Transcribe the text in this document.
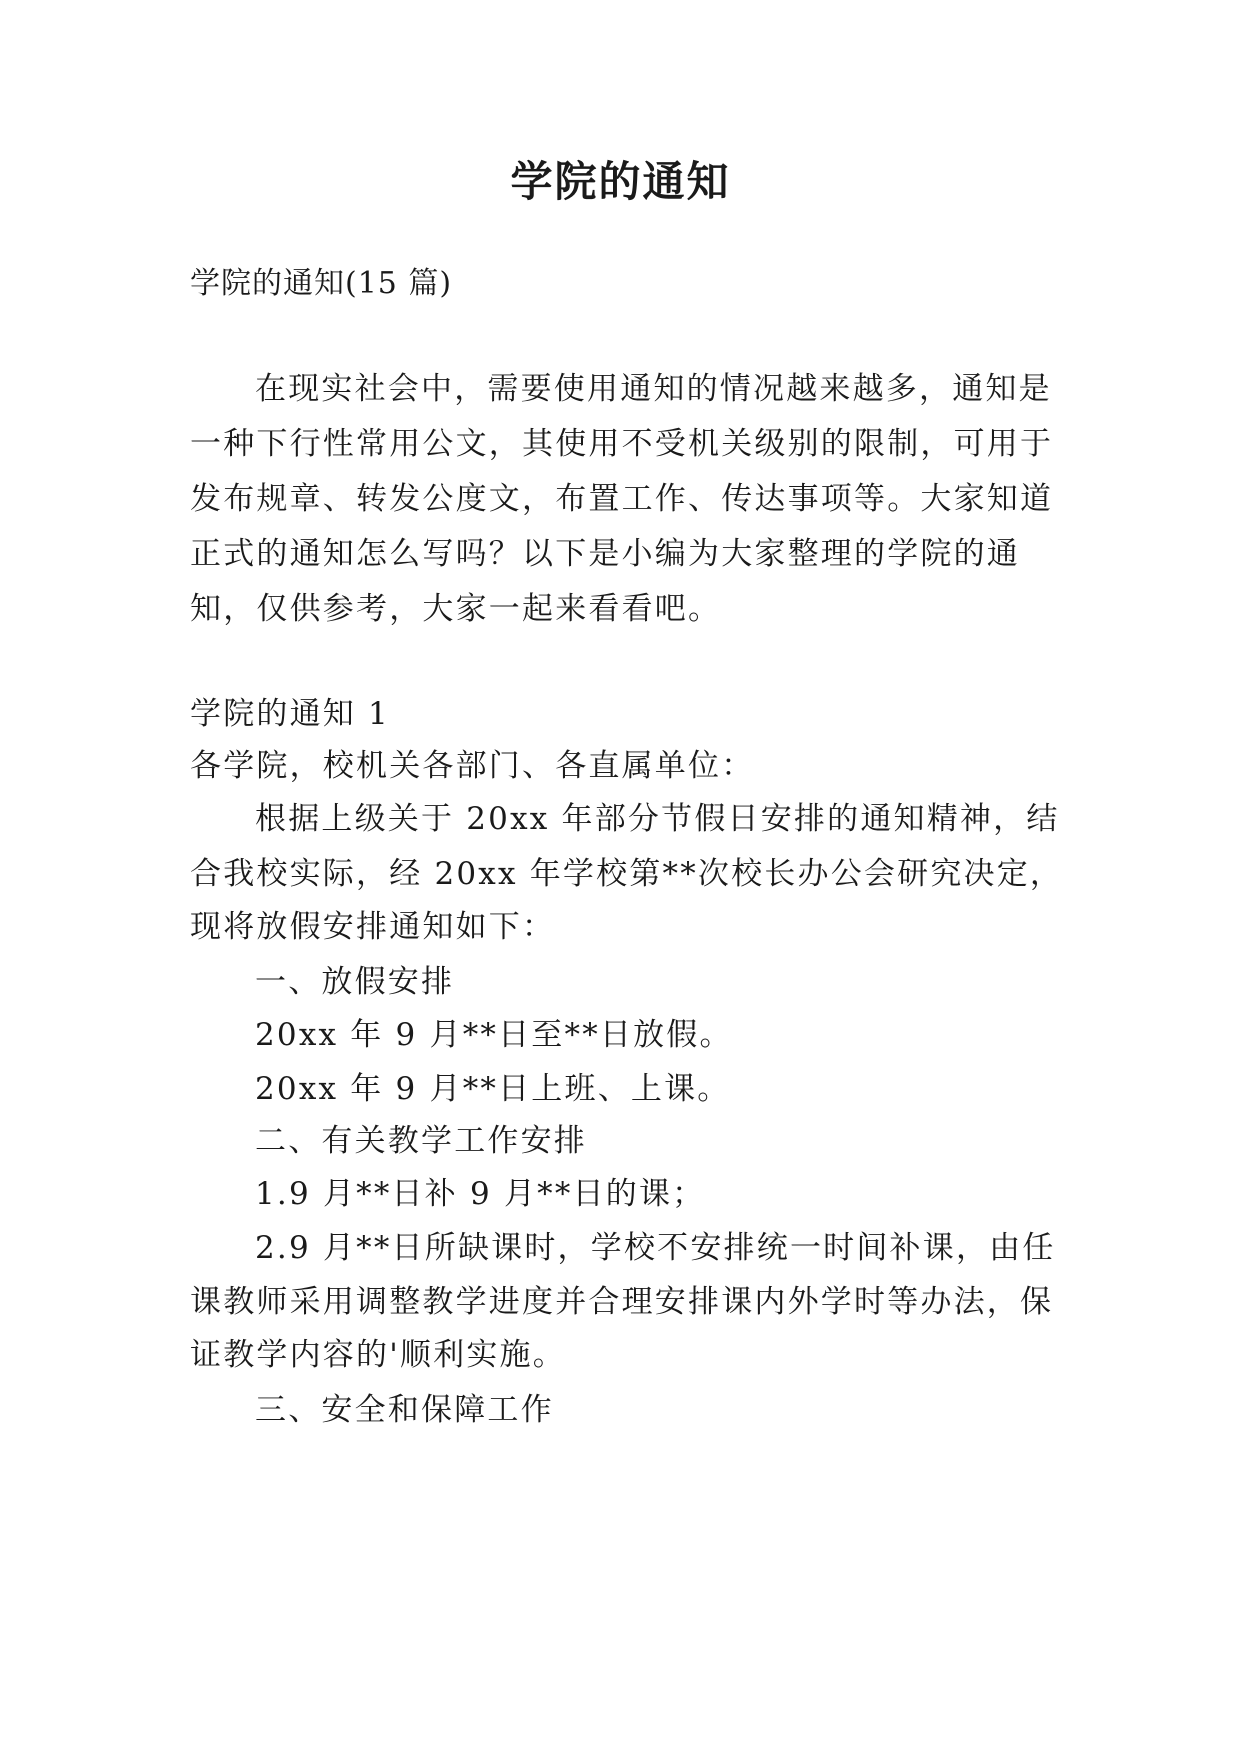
学院的通知
学院的通知(15 篇)
在现实社会中，需要使用通知的情况越来越多，通知是
一种下行性常用公文，其使用不受机关级别的限制，可用于
发布规章、转发公度文，布置工作、传达事项等。大家知道
正式的通知怎么写吗？以下是小编为大家整理的学院的通
知，仅供参考，大家一起来看看吧。
学院的通知 1
各学院，校机关各部门、各直属单位：
根据上级关于 20xx 年部分节假日安排的通知精神，结
合我校实际，经 20xx 年学校第**次校长办公会研究决定，
现将放假安排通知如下：
一、放假安排
20xx 年 9 月**日至**日放假。
20xx 年 9 月**日上班、上课。
二、有关教学工作安排
1.9 月**日补 9 月**日的课；
2.9 月**日所缺课时，学校不安排统一时间补课，由任
课教师采用调整教学进度并合理安排课内外学时等办法，保
证教学内容的'顺利实施。
三、安全和保障工作
